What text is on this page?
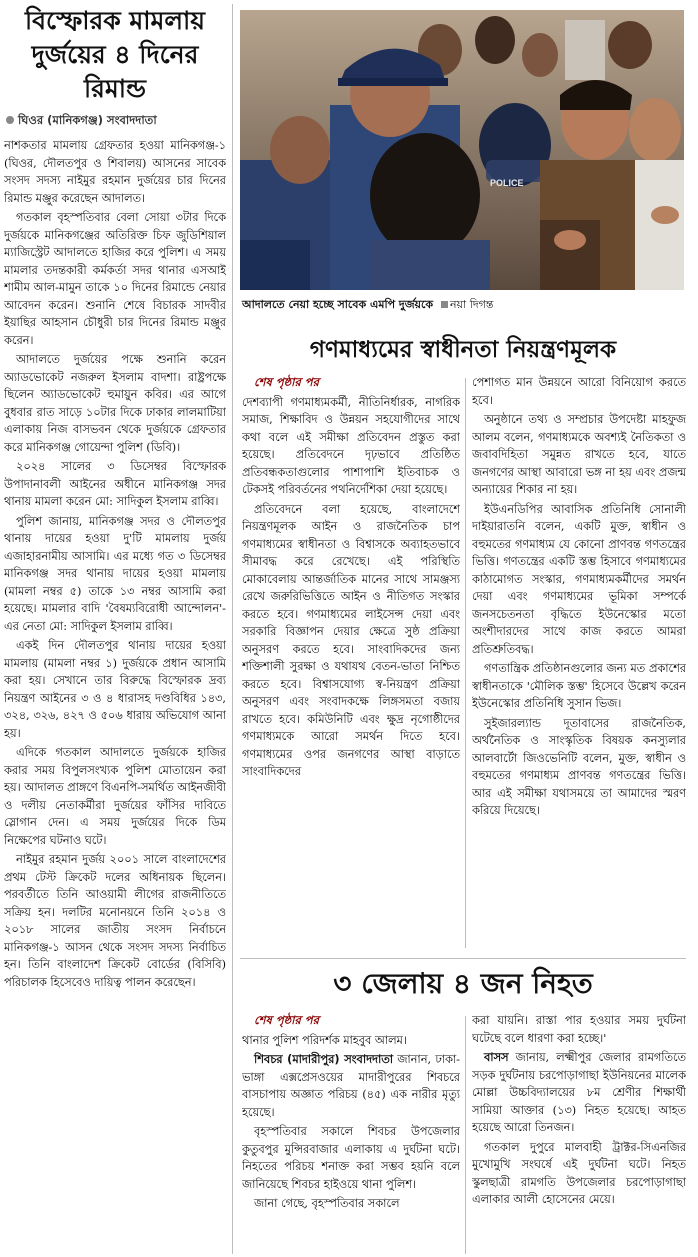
বিস্ফোরক মামলায় দুর্জয়ের ৪ দিনের রিমান্ড
ঘিওর (মানিকগঞ্জ) সংবাদদাতা

নাশকতার মামলায় গ্রেফতার হওয়া মানিকগঞ্জ-১ (ঘিওর, দৌলতপুর ও শিবালয়) আসনের সাবেক সংসদ সদস্য নাইমুর রহমান দুর্জয়ের চার দিনের রিমান্ড মঞ্জুর করেছেন আদালত।

গতকাল বৃহস্পতিবার বেলা সোয়া ৩টার দিকে দুর্জয়কে মানিকগঞ্জের অতিরিক্ত চিফ জুডিশিয়াল ম্যাজিস্ট্রেট আদালতে হাজির করে পুলিশ। এ সময় মামলার তদন্তকারী কর্মকর্তা সদর থানার এসআই শামীম আল-মামুন তাকে ১০ দিনের রিমান্ডে নেয়ার আবেদন করেন। শুনানি শেষে বিচারক সাদবীর ইয়াছির আহসান চৌধুরী চার দিনের রিমান্ড মঞ্জুর করেন।

আদালতে দুর্জয়ের পক্ষে শুনানি করেন অ্যাডভোকেট নজরুল ইসলাম বাদশা। রাষ্ট্রপক্ষে ছিলেন অ্যাডভোকেট হুমায়ুন কবির। এর আগে বুধবার রাত সাড়ে ১০টার দিকে ঢাকার লালমাটিয়া এলাকায় নিজ বাসভবন থেকে দুর্জয়কে গ্রেফতার করে মানিকগঞ্জ গোয়েন্দা পুলিশ (ডিবি)।

২০২৪ সালের ৩ ডিসেম্বর বিস্ফোরক উপাদানাবলী আইনের অধীনে মানিকগঞ্জ সদর থানায় মামলা করেন মো: সাদিকুল ইসলাম রাব্বি।

পুলিশ জানায়, মানিকগঞ্জ সদর ও দৌলতপুর থানায় দায়ের হওয়া দু'টি মামলায় দুর্জয় এজাহারনামীয় আসামি। এর মধ্যে গত ৩ ডিসেম্বর মানিকগঞ্জ সদর থানায় দায়ের হওয়া মামলায় (মামলা নম্বর ৫) তাকে ১৩ নম্বর আসামি করা হয়েছে। মামলার বাদি 'বৈষম্যবিরোধী আন্দোলন'-এর নেতা মো: সাদিকুল ইসলাম রাব্বি।

একই দিন দৌলতপুর থানায় দায়ের হওয়া মামলায় (মামলা নম্বর ১) দুর্জয়কে প্রধান আসামি করা হয়। সেখানে তার বিরুদ্ধে বিস্ফোরক দ্রব্য নিয়ন্ত্রণ আইনের ৩ ও ৪ ধারাসহ দণ্ডবিধির ১৪৩, ৩২৪, ৩২৬, ৪২৭ ও ৫০৬ ধারায় অভিযোগ আনা হয়।

এদিকে গতকাল আদালতে দুর্জয়কে হাজির করার সময় বিপুলসংখ্যক পুলিশ মোতায়েন করা হয়। আদালত প্রাঙ্গণে বিএনপি-সমর্থিত আইনজীবী ও দলীয় নেতাকর্মীরা দুর্জয়ের ফাঁসির দাবিতে স্লোগান দেন। এ সময় দুর্জয়ের দিকে ডিম নিক্ষেপের ঘটনাও ঘটে।

নাইমুর রহমান দুর্জয় ২০০১ সালে বাংলাদেশের প্রথম টেস্ট ক্রিকেট দলের অধিনায়ক ছিলেন। পরবর্তীতে তিনি আওয়ামী লীগের রাজনীতিতে সক্রিয় হন। দলটির মনোনয়নে তিনি ২০১৪ ও ২০১৮ সালের জাতীয় সংসদ নির্বাচনে মানিকগঞ্জ-১ আসন থেকে সংসদ সদস্য নির্বাচিত হন। তিনি বাংলাদেশ ক্রিকেট বোর্ডের (বিসিবি) পরিচালক হিসেবেও দায়িত্ব পালন করেছেন।

POLICE
আদালতে নেয়া হচ্ছে সাবেক এমপি দুর্জয়কে নয়া দিগন্ত
গণমাধ্যমের স্বাধীনতা নিয়ন্ত্রণমূলক

শেষ পৃষ্ঠার পর

দেশব্যাপী গণমাধ্যমকর্মী, নীতিনির্ধারক, নাগরিক সমাজ, শিক্ষাবিদ ও উন্নয়ন সহযোগীদের সাথে কথা বলে এই সমীক্ষা প্রতিবেদন প্রস্তুত করা হয়েছে। প্রতিবেদনে দৃঢ়ভাবে প্রতিষ্ঠিত প্রতিবন্ধকতাগুলোর পাশাপাশি ইতিবাচক ও টেকসই পরিবর্তনের পথনির্দেশিকা দেয়া হয়েছে।

প্রতিবেদনে বলা হয়েছে, বাংলাদেশে নিয়ন্ত্রণমূলক আইন ও রাজনৈতিক চাপ গণমাধ্যমের স্বাধীনতা ও বিশ্বাসকে অব্যাহতভাবে সীমাবদ্ধ করে রেখেছে। এই পরিস্থিতি মোকাবেলায় আন্তর্জাতিক মানের সাথে সামঞ্জস্য রেখে জরুরিভিত্তিতে আইন ও নীতিগত সংস্কার করতে হবে। গণমাধ্যমের লাইসেন্স দেয়া এবং সরকারি বিজ্ঞাপন দেয়ার ক্ষেত্রে সুষ্ঠ প্রক্রিয়া অনুসরণ করতে হবে। সাংবাদিকদের জন্য শক্তিশালী সুরক্ষা ও যথাযথ বেতন-ভাতা নিশ্চিত করতে হবে। বিশ্বাসযোগ্য স্ব-নিয়ন্ত্রণ প্রক্রিয়া অনুসরণ এবং সংবাদকক্ষে লিঙ্গসমতা বজায় রাখতে হবে। কমিউনিটি এবং ক্ষুদ্র নৃগোষ্ঠীদের গণমাধ্যমকে আরো সমর্থন দিতে হবে। গণমাধ্যমের ওপর জনগণের আস্থা বাড়াতে সাংবাদিকদের

পেশাগত মান উন্নয়নে আরো বিনিয়োগ করতে হবে।

অনুষ্ঠানে তথ্য ও সম্প্রচার উপদেষ্টা মাহফুজ আলম বলেন, গণমাধ্যমকে অবশ্যই নৈতিকতা ও জবাবদিহিতা সমুন্নত রাখতে হবে, যাতে জনগণের আস্থা আবারো ভঙ্গ না হয় এবং প্রজন্ম অন্যায়ের শিকার না হয়।

ইউএনডিপির আবাসিক প্রতিনিধি সোনালী দাইয়ারাতনি বলেন, একটি মুক্ত, স্বাধীন ও বহুমতের গণমাধ্যম যে কোনো প্রাণবন্ত গণতন্ত্রের ভিত্তি। গণতন্ত্রের একটি স্তম্ভ হিসাবে গণমাধ্যমের কাঠামোগত সংস্কার, গণমাধ্যমকর্মীদের সমর্থন দেয়া এবং গণমাধ্যমের ভূমিকা সম্পর্কে জনসচেতনতা বৃদ্ধিতে ইউনেস্কোর মতো অংশীদারদের সাথে কাজ করতে আমরা প্রতিশ্রুতিবদ্ধ।

গণতান্ত্রিক প্রতিষ্ঠানগুলোর জন্য মত প্রকাশের স্বাধীনতাকে 'মৌলিক স্তম্ভ' হিসেবে উল্লেখ করেন ইউনেস্কোর প্রতিনিধি সুসান ভিজ।

সুইজারল্যান্ড দূতাবাসের রাজনৈতিক, অর্থনৈতিক ও সাংস্কৃতিক বিষয়ক কনস্যুলার আলবার্টো জিওভেনিটি বলেন, মুক্ত, স্বাধীন ও বহুমতের গণমাধ্যম প্রাণবন্ত গণতন্ত্রের ভিত্তি। আর এই সমীক্ষা যথাসময়ে তা আমাদের স্মরণ করিয়ে দিয়েছে।

৩ জেলায় ৪ জন নিহত

শেষ পৃষ্ঠার পর

থানার পুলিশ পরিদর্শক মাহবুব আলম।

শিবচর (মাদারীপুর) সংবাদদাতা জানান, ঢাকা-ভাঙ্গা এক্সপ্রেসওয়ের মাদারীপুরের শিবচরে বাসচাপায় অজ্ঞাত পরিচয় (৪৫) এক নারীর মৃত্যু হয়েছে।

বৃহস্পতিবার সকালে শিবচর উপজেলার কুতুবপুর মুন্সিরবাজার এলাকায় এ দুর্ঘটনা ঘটে। নিহতের পরিচয় শনাক্ত করা সম্ভব হয়নি বলে জানিয়েছে শিবচর হাইওয়ে থানা পুলিশ।

জানা গেছে, বৃহস্পতিবার সকালে

করা যায়নি। রাস্তা পার হওয়ার সময় দুর্ঘটনা ঘটেছে বলে ধারণা করা হচ্ছে।'

বাসস জানায়, লক্ষ্মীপুর জেলার রামগতিতে সড়ক দুর্ঘটনায় চরপোড়াগাছা ইউনিয়নের মালেক মোল্লা উচ্চবিদ্যালয়ের ৮ম শ্রেণীর শিক্ষার্থী সামিয়া আক্তার (১৩) নিহত হয়েছে। আহত হয়েছে আরো তিনজন।

গতকাল দুপুরে মালবাহী ট্রাক্টর-সিএনজির মুখোমুখি সংঘর্ষে এই দুর্ঘটনা ঘটে। নিহত স্কুলছাত্রী রামগতি উপজেলার চরপোড়াগাছা এলাকার আলী হোসেনের মেয়ে।
